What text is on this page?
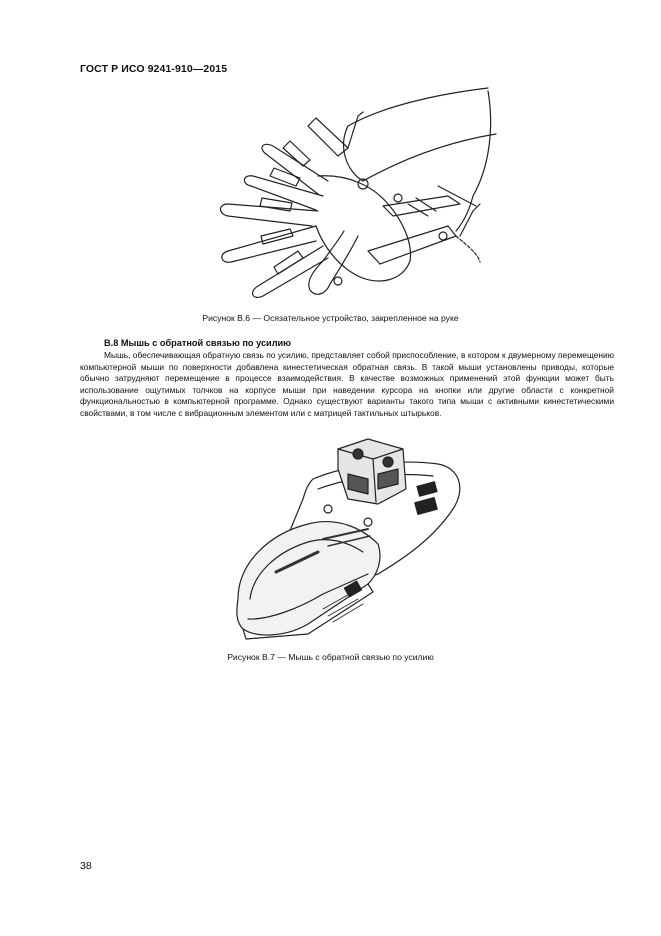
ГОСТ Р ИСО 9241-910—2015
Рисунок В.6 — Осязательное устройство, закрепленное на руке
В.8 Мышь с обратной связью по усилию

Мышь, обеспечивающая обратную связь по усилию, представляет собой приспособление, в котором к двумерному перемещению компьютерной мыши по поверхности добавлена кинестетическая обратная связь. В такой мыши установлены приводы, которые обычно затрудняют перемещение в процессе взаимодействия. В качестве возможных применений этой функции может быть использование ощутимых толчков на корпусе мыши при наведении курсора на кнопки или другие области с конкретной функциональностью в компьютерной программе. Однако существуют варианты такого типа мыши с активными кинестетическими свойствами, в том числе с вибрационным элементом или с матрицей тактильных штырьков.

Рисунок В.7 — Мышь с обратной связью по усилию
38
